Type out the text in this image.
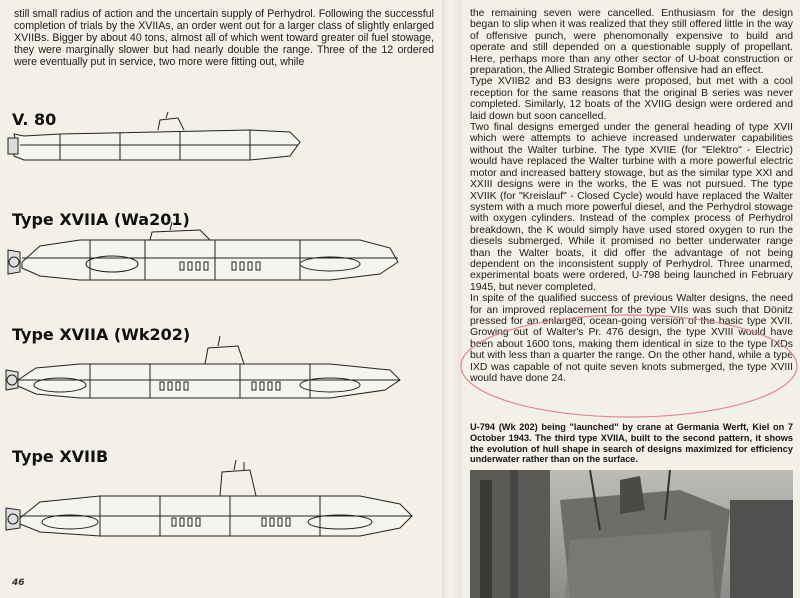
still small radius of action and the uncertain supply of Perhydrol. Following the successful completion of trials by the XVIIAs, an order went out for a larger class of slightly enlarged XVIIBs. Bigger by about 40 tons, almost all of which went toward greater oil fuel stowage, they were marginally slower but had nearly double the range. Three of the 12 ordered were eventually put in service, two more were fitting out, while

V. 80
Type XVIIA (Wa201)
Type XVIIA (Wk202)
Type XVIIB

the remaining seven were cancelled. Enthusiasm for the design began to slip when it was realized that they still offered little in the way of offensive punch, were phenomonally expensive to build and operate and still depended on a questionable supply of propellant. Here, perhaps more than any other sector of U-boat construction or preparation, the Allied Strategic Bomber offensive had an effect.

Type XVIIB2 and B3 designs were proposed, but met with a cool reception for the same reasons that the original B series was never completed. Similarly, 12 boats of the XVIIG design were ordered and laid down but soon cancelled.

Two final designs emerged under the general heading of type XVII which were attempts to achieve increased underwater capabilities without the Walter turbine. The type XVIIE (for "Elektro" - Electric) would have replaced the Walter turbine with a more powerful electric motor and increased battery stowage, but as the similar type XXI and XXIII designs were in the works, the E was not pursued. The type XVIIK (for "Kreislauf" - Closed Cycle) would have replaced the Walter system with a much more powerful diesel, and the Perhydrol stowage with oxygen cylinders. Instead of the complex process of Perhydrol breakdown, the K would simply have used stored oxygen to run the diesels submerged. While it promised no better underwater range than the Walter boats, it did offer the advantage of not being dependent on the inconsistent supply of Perhydrol. Three unarmed, experimental boats were ordered, U-798 being launched in February 1945, but never completed.

In spite of the qualified success of previous Walter designs, the need for an improved replacement for the type VIIs was such that Dönitz pressed for an enlarged, ocean-going version of the basic type XVII. Growing out of Walter's Pr. 476 design, the type XVIII would have been about 1600 tons, making them identical in size to the type IXDs but with less than a quarter the range. On the other hand, while a type IXD was capable of not quite seven knots submerged, the type XVIII would have done 24.

U-794 (Wk 202) being "launched" by crane at Germania Werft, Kiel on 7 October 1943. The third type XVIIA, built to the second pattern, it shows the evolution of hull shape in search of designs maximized for efficiency underwater rather than on the surface.
46
